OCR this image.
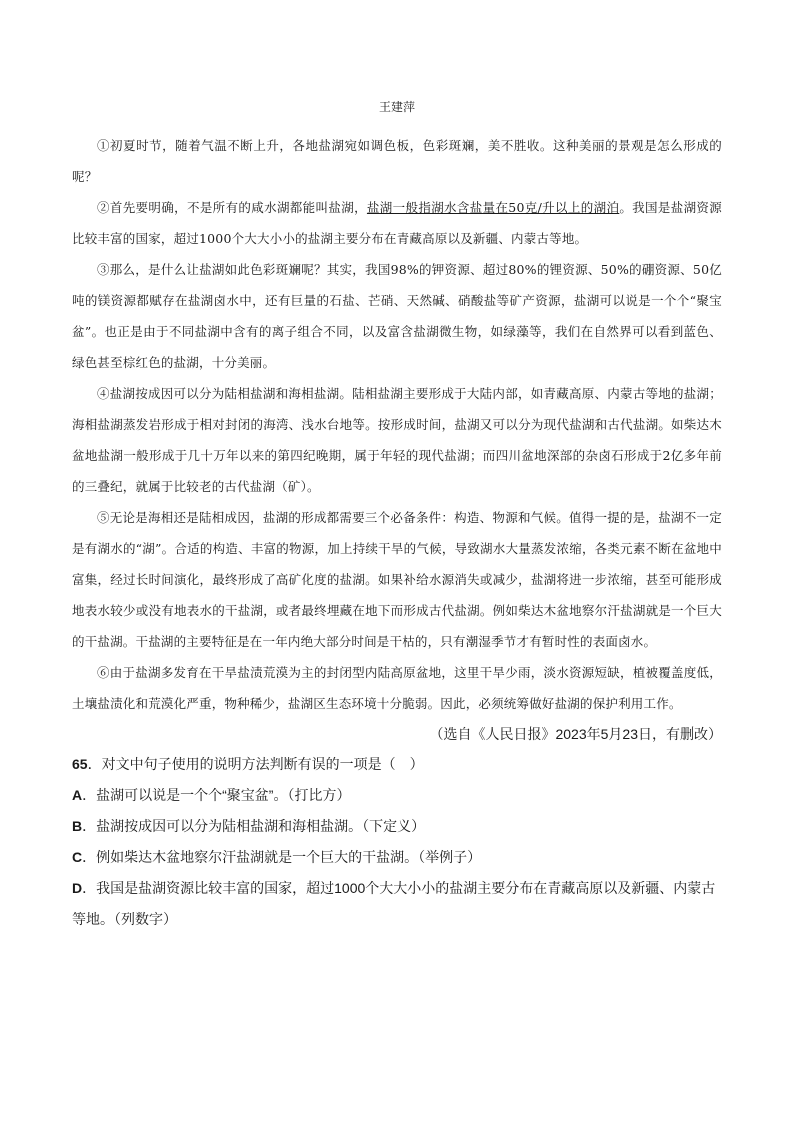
王建萍

①初夏时节，随着气温不断上升，各地盐湖宛如调色板，色彩斑斓，美不胜收。这种美丽的景观是怎么形成的呢？

②首先要明确，不是所有的咸水湖都能叫盐湖，盐湖一般指湖水含盐量在50克/升以上的湖泊。我国是盐湖资源比较丰富的国家，超过1000个大大小小的盐湖主要分布在青藏高原以及新疆、内蒙古等地。

③那么，是什么让盐湖如此色彩斑斓呢？其实，我国98%的钾资源、超过80%的锂资源、50%的硼资源、50亿吨的镁资源都赋存在盐湖卤水中，还有巨量的石盐、芒硝、天然碱、硝酸盐等矿产资源，盐湖可以说是一个个“聚宝盆”。也正是由于不同盐湖中含有的离子组合不同，以及富含盐湖微生物，如绿藻等，我们在自然界可以看到蓝色、绿色甚至棕红色的盐湖，十分美丽。

④盐湖按成因可以分为陆相盐湖和海相盐湖。陆相盐湖主要形成于大陆内部，如青藏高原、内蒙古等地的盐湖；海相盐湖蒸发岩形成于相对封闭的海湾、浅水台地等。按形成时间，盐湖又可以分为现代盐湖和古代盐湖。如柴达木盆地盐湖一般形成于几十万年以来的第四纪晚期，属于年轻的现代盐湖；而四川盆地深部的杂卤石形成于2亿多年前的三叠纪，就属于比较老的古代盐湖（矿）。

⑤无论是海相还是陆相成因，盐湖的形成都需要三个必备条件：构造、物源和气候。值得一提的是，盐湖不一定是有湖水的“湖”。合适的构造、丰富的物源，加上持续干旱的气候，导致湖水大量蒸发浓缩，各类元素不断在盆地中富集，经过长时间演化，最终形成了高矿化度的盐湖。如果补给水源消失或减少，盐湖将进一步浓缩，甚至可能形成地表水较少或没有地表水的干盐湖，或者最终埋藏在地下而形成古代盐湖。例如柴达木盆地察尔汗盐湖就是一个巨大的干盐湖。干盐湖的主要特征是在一年内绝大部分时间是干枯的，只有潮湿季节才有暂时性的表面卤水。

⑥由于盐湖多发育在干旱盐渍荒漠为主的封闭型内陆高原盆地，这里干旱少雨，淡水资源短缺，植被覆盖度低，土壤盐渍化和荒漠化严重，物种稀少，盐湖区生态环境十分脆弱。因此，必须统筹做好盐湖的保护利用工作。

（选自《人民日报》2023年5月23日，有删改）

65．对文中句子使用的说明方法判断有误的一项是（　）

A．盐湖可以说是一个个“聚宝盆”。（打比方）

B．盐湖按成因可以分为陆相盐湖和海相盐湖。（下定义）

C．例如柴达木盆地察尔汗盐湖就是一个巨大的干盐湖。（举例子）

D．我国是盐湖资源比较丰富的国家，超过1000个大大小小的盐湖主要分布在青藏高原以及新疆、内蒙古等地。（列数字）
